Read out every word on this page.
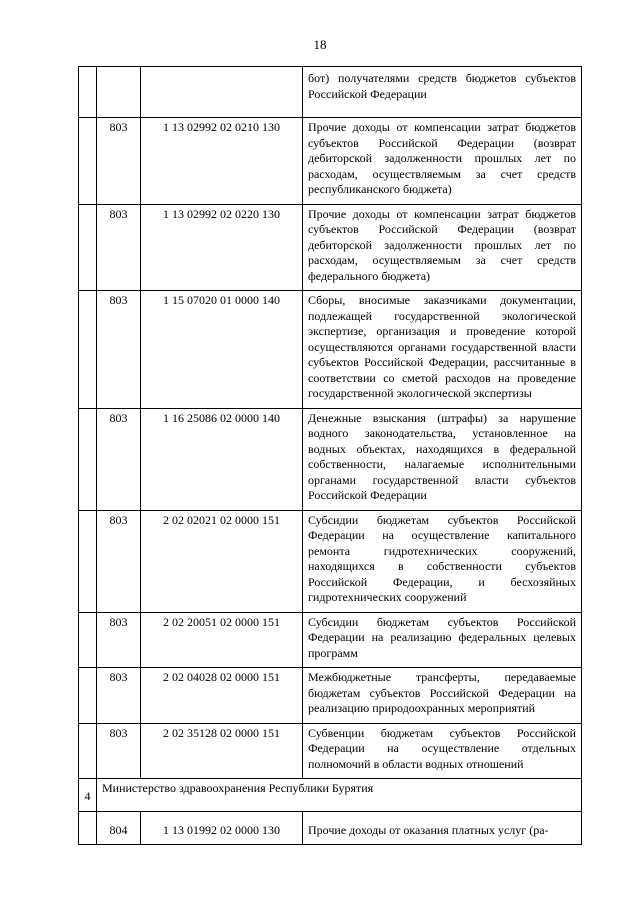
18
			бот) получателями средств бюджетов субъектов Российской Федерации
	803	1 13 02992 02 0210 130	Прочие доходы от компенсации затрат бюджетов субъектов Российской Федерации (возврат дебиторской задолженности прошлых лет по расходам, осуществляемым за счет средств республиканского бюджета)
	803	1 13 02992 02 0220 130	Прочие доходы от компенсации затрат бюджетов субъектов Российской Федерации (возврат дебиторской задолженности прошлых лет по расходам, осуществляемым за счет средств федерального бюджета)
	803	1 15 07020 01 0000 140	Сборы, вносимые заказчиками документации, подлежащей государственной экологической экспертизе, организация и проведение которой осуществляются органами государственной власти субъектов Российской Федерации, рассчитанные в соответствии со сметой расходов на проведение государственной экологической экспертизы
	803	1 16 25086 02 0000 140	Денежные взыскания (штрафы) за нарушение водного законодательства, установленное на водных объектах, находящихся в федеральной собственности, налагаемые исполнительными органами государственной власти субъектов Российской Федерации
	803	2 02 02021 02 0000 151	Субсидии бюджетам субъектов Российской Федерации на осуществление капитального ремонта гидротехнических сооружений, находящихся в собственности субъектов Российской Федерации, и бесхозяйных гидротехнических сооружений
	803	2 02 20051 02 0000 151	Субсидии бюджетам субъектов Российской Федерации на реализацию федеральных целевых программ
	803	2 02 04028 02 0000 151	Межбюджетные трансферты, передаваемые бюджетам субъектов Российской Федерации на реализацию природоохранных мероприятий
	803	2 02 35128 02 0000 151	Субвенции бюджетам субъектов Российской Федерации на осуществление отдельных полномочий в области водных отношений
4	Министерство здравоохранения Республики Бурятия		
	804	1 13 01992 02 0000 130	Прочие доходы от оказания платных услуг (ра-
